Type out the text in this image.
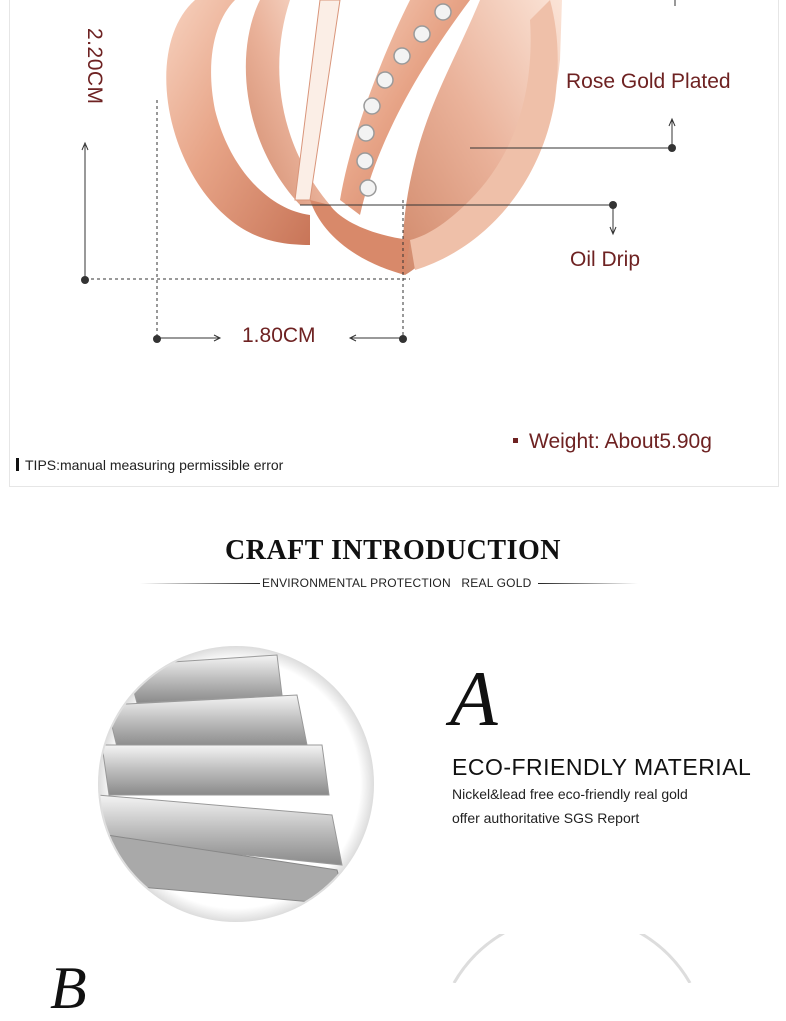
2.20CM
1.80CM
Rose Gold Plated
Oil Drip
Weight: About5.90g
TIPS:manual measuring permissible error
CRAFT INTRODUCTION
ENVIRONMENTAL PROTECTION   REAL GOLD
A
ECO-FRIENDLY MATERIAL
Nickel&lead free eco-friendly real gold
offer authoritative SGS Report
B
